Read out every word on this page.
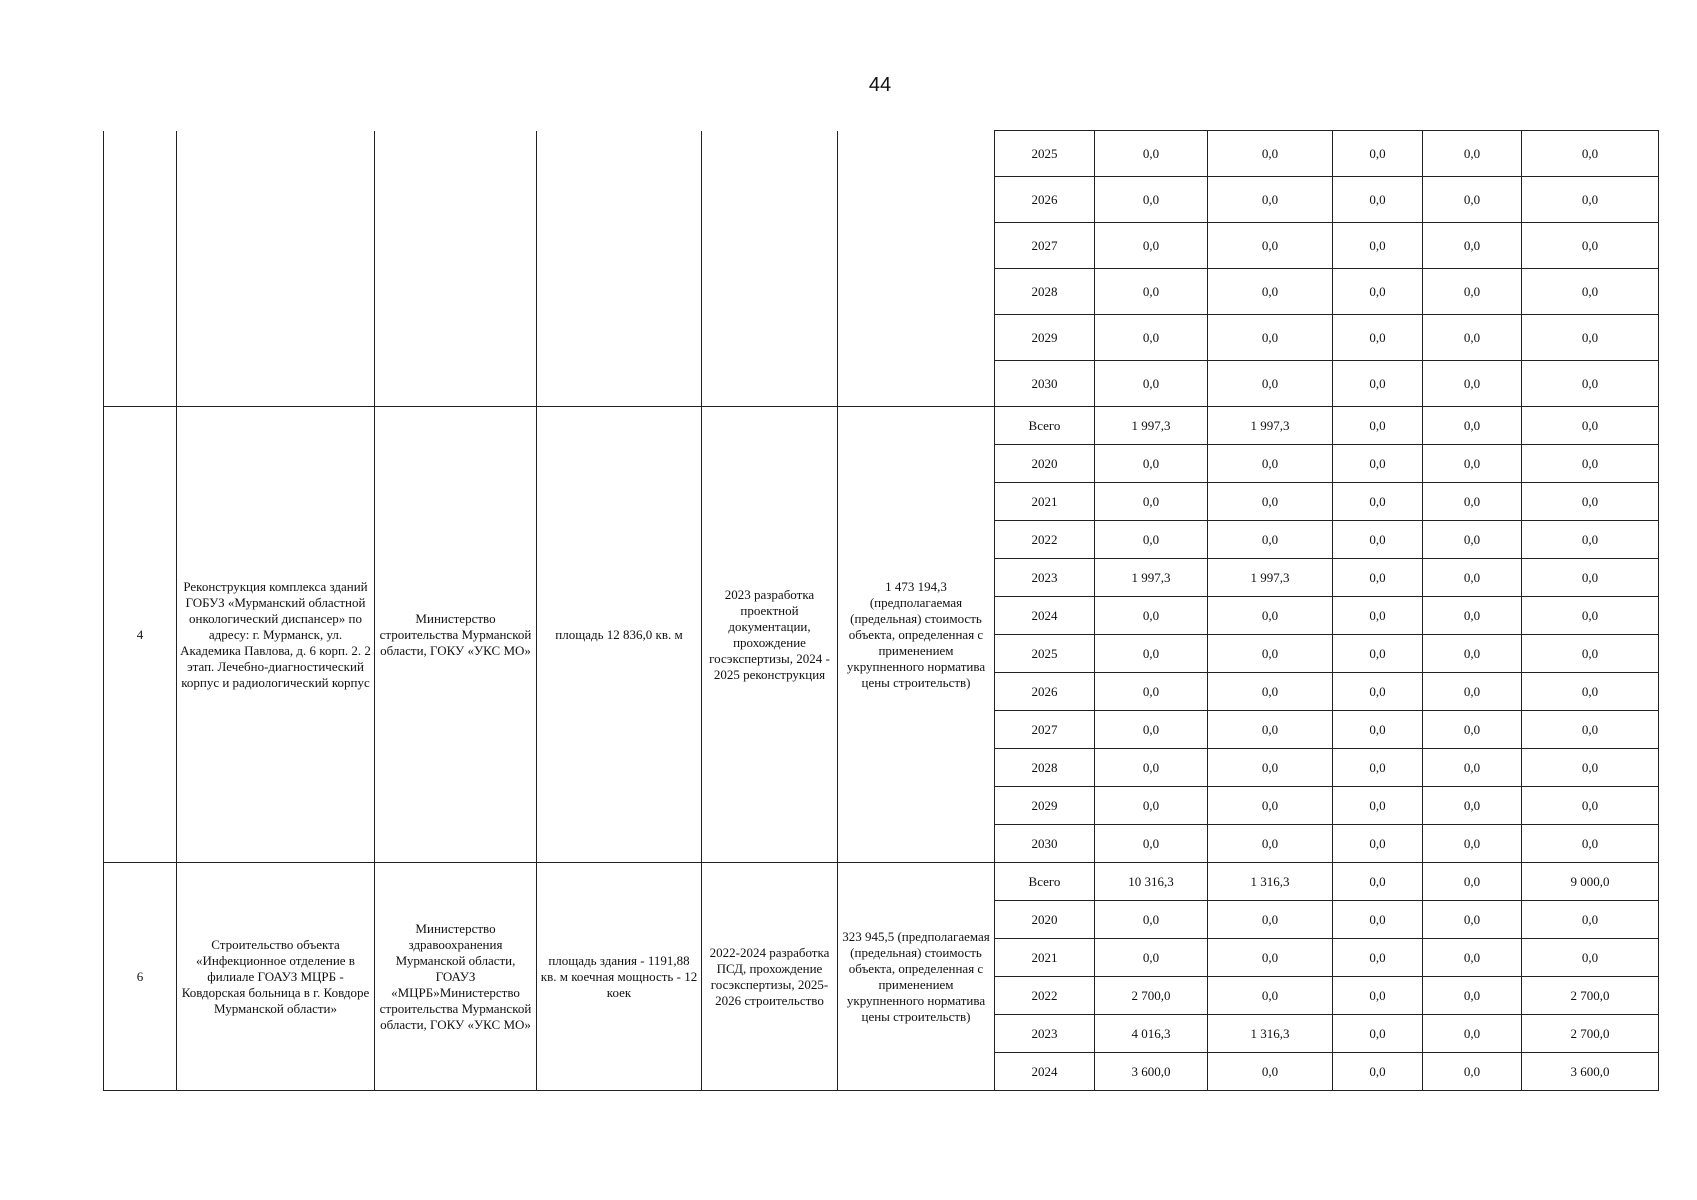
44
						2025	0,0	0,0	0,0	0,0	0,0
						2026	0,0	0,0	0,0	0,0	0,0
						2027	0,0	0,0	0,0	0,0	0,0
						2028	0,0	0,0	0,0	0,0	0,0
						2029	0,0	0,0	0,0	0,0	0,0
						2030	0,0	0,0	0,0	0,0	0,0
4	Реконструкция комплекса зданий ГОБУЗ «Мурманский областной онкологический диспансер» по адресу: г. Мурманск, ул. Академика Павлова, д. 6 корп. 2. 2 этап. Лечебно-диагностический корпус и радиологический корпус	Министерство строительства Мурманской области, ГОКУ «УКС МО»	площадь 12 836,0 кв. м	2023 разработка проектной документации, прохождение госэкспертизы, 2024 - 2025 реконструкция	1 473 194,3 (предполагаемая (предельная) стоимость объекта, определенная с применением укрупненного норматива цены строительств)	Всего	1 997,3	1 997,3	0,0	0,0	0,0
						2020	0,0	0,0	0,0	0,0	0,0
						2021	0,0	0,0	0,0	0,0	0,0
						2022	0,0	0,0	0,0	0,0	0,0
						2023	1 997,3	1 997,3	0,0	0,0	0,0
						2024	0,0	0,0	0,0	0,0	0,0
						2025	0,0	0,0	0,0	0,0	0,0
						2026	0,0	0,0	0,0	0,0	0,0
						2027	0,0	0,0	0,0	0,0	0,0
						2028	0,0	0,0	0,0	0,0	0,0
						2029	0,0	0,0	0,0	0,0	0,0
						2030	0,0	0,0	0,0	0,0	0,0
6	Строительство объекта «Инфекционное отделение в филиале ГОАУЗ МЦРБ - Ковдорская больница в г. Ковдоре Мурманской области»	Министерство здравоохранения Мурманской области, ГОАУЗ «МЦРБ»Министерство строительства Мурманской области, ГОКУ «УКС МО»	площадь здания - 1191,88 кв. м коечная мощность - 12 коек	2022-2024 разработка ПСД, прохождение госэкспертизы, 2025-2026 строительство	323 945,5 (предполагаемая (предельная) стоимость объекта, определенная с применением укрупненного норматива цены строительств)	Всего	10 316,3	1 316,3	0,0	0,0	9 000,0
						2020	0,0	0,0	0,0	0,0	0,0
						2021	0,0	0,0	0,0	0,0	0,0
						2022	2 700,0	0,0	0,0	0,0	2 700,0
						2023	4 016,3	1 316,3	0,0	0,0	2 700,0
						2024	3 600,0	0,0	0,0	0,0	3 600,0
